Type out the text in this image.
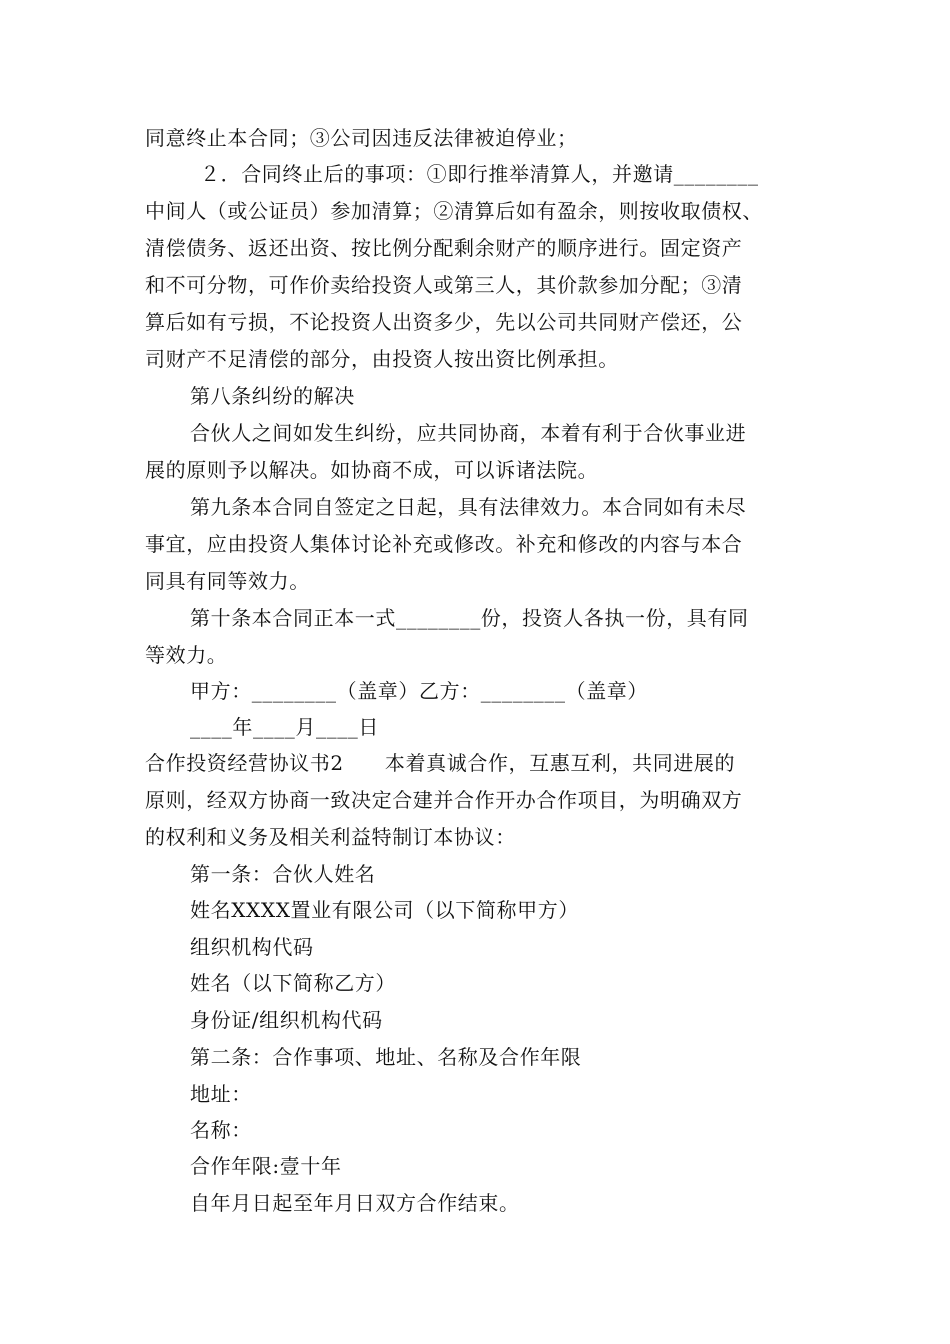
同意终止本合同；③公司因违反法律被迫停业；
２．合同终止后的事项：①即行推举清算人，并邀请________
中间人（或公证员）参加清算；②清算后如有盈余，则按收取债权、
清偿债务、返还出资、按比例分配剩余财产的顺序进行。固定资产
和不可分物，可作价卖给投资人或第三人，其价款参加分配；③清
算后如有亏损，不论投资人出资多少，先以公司共同财产偿还，公
司财产不足清偿的部分，由投资人按出资比例承担。
第八条纠纷的解决
合伙人之间如发生纠纷，应共同协商，本着有利于合伙事业进
展的原则予以解决。如协商不成，可以诉诸法院。
第九条本合同自签定之日起，具有法律效力。本合同如有未尽
事宜，应由投资人集体讨论补充或修改。补充和修改的内容与本合
同具有同等效力。
第十条本合同正本一式________份，投资人各执一份，具有同
等效力。
甲方：________（盖章）乙方：________（盖章）
____年____月____日
合作投资经营协议书2　　本着真诚合作，互惠互利，共同进展的
原则，经双方协商一致决定合建并合作开办合作项目，为明确双方
的权利和义务及相关利益特制订本协议：
第一条：合伙人姓名
姓名XXXX置业有限公司（以下简称甲方）
组织机构代码
姓名（以下简称乙方）
身份证/组织机构代码
第二条：合作事项、地址、名称及合作年限
地址：
名称：
合作年限:壹十年
自年月日起至年月日双方合作结束。
